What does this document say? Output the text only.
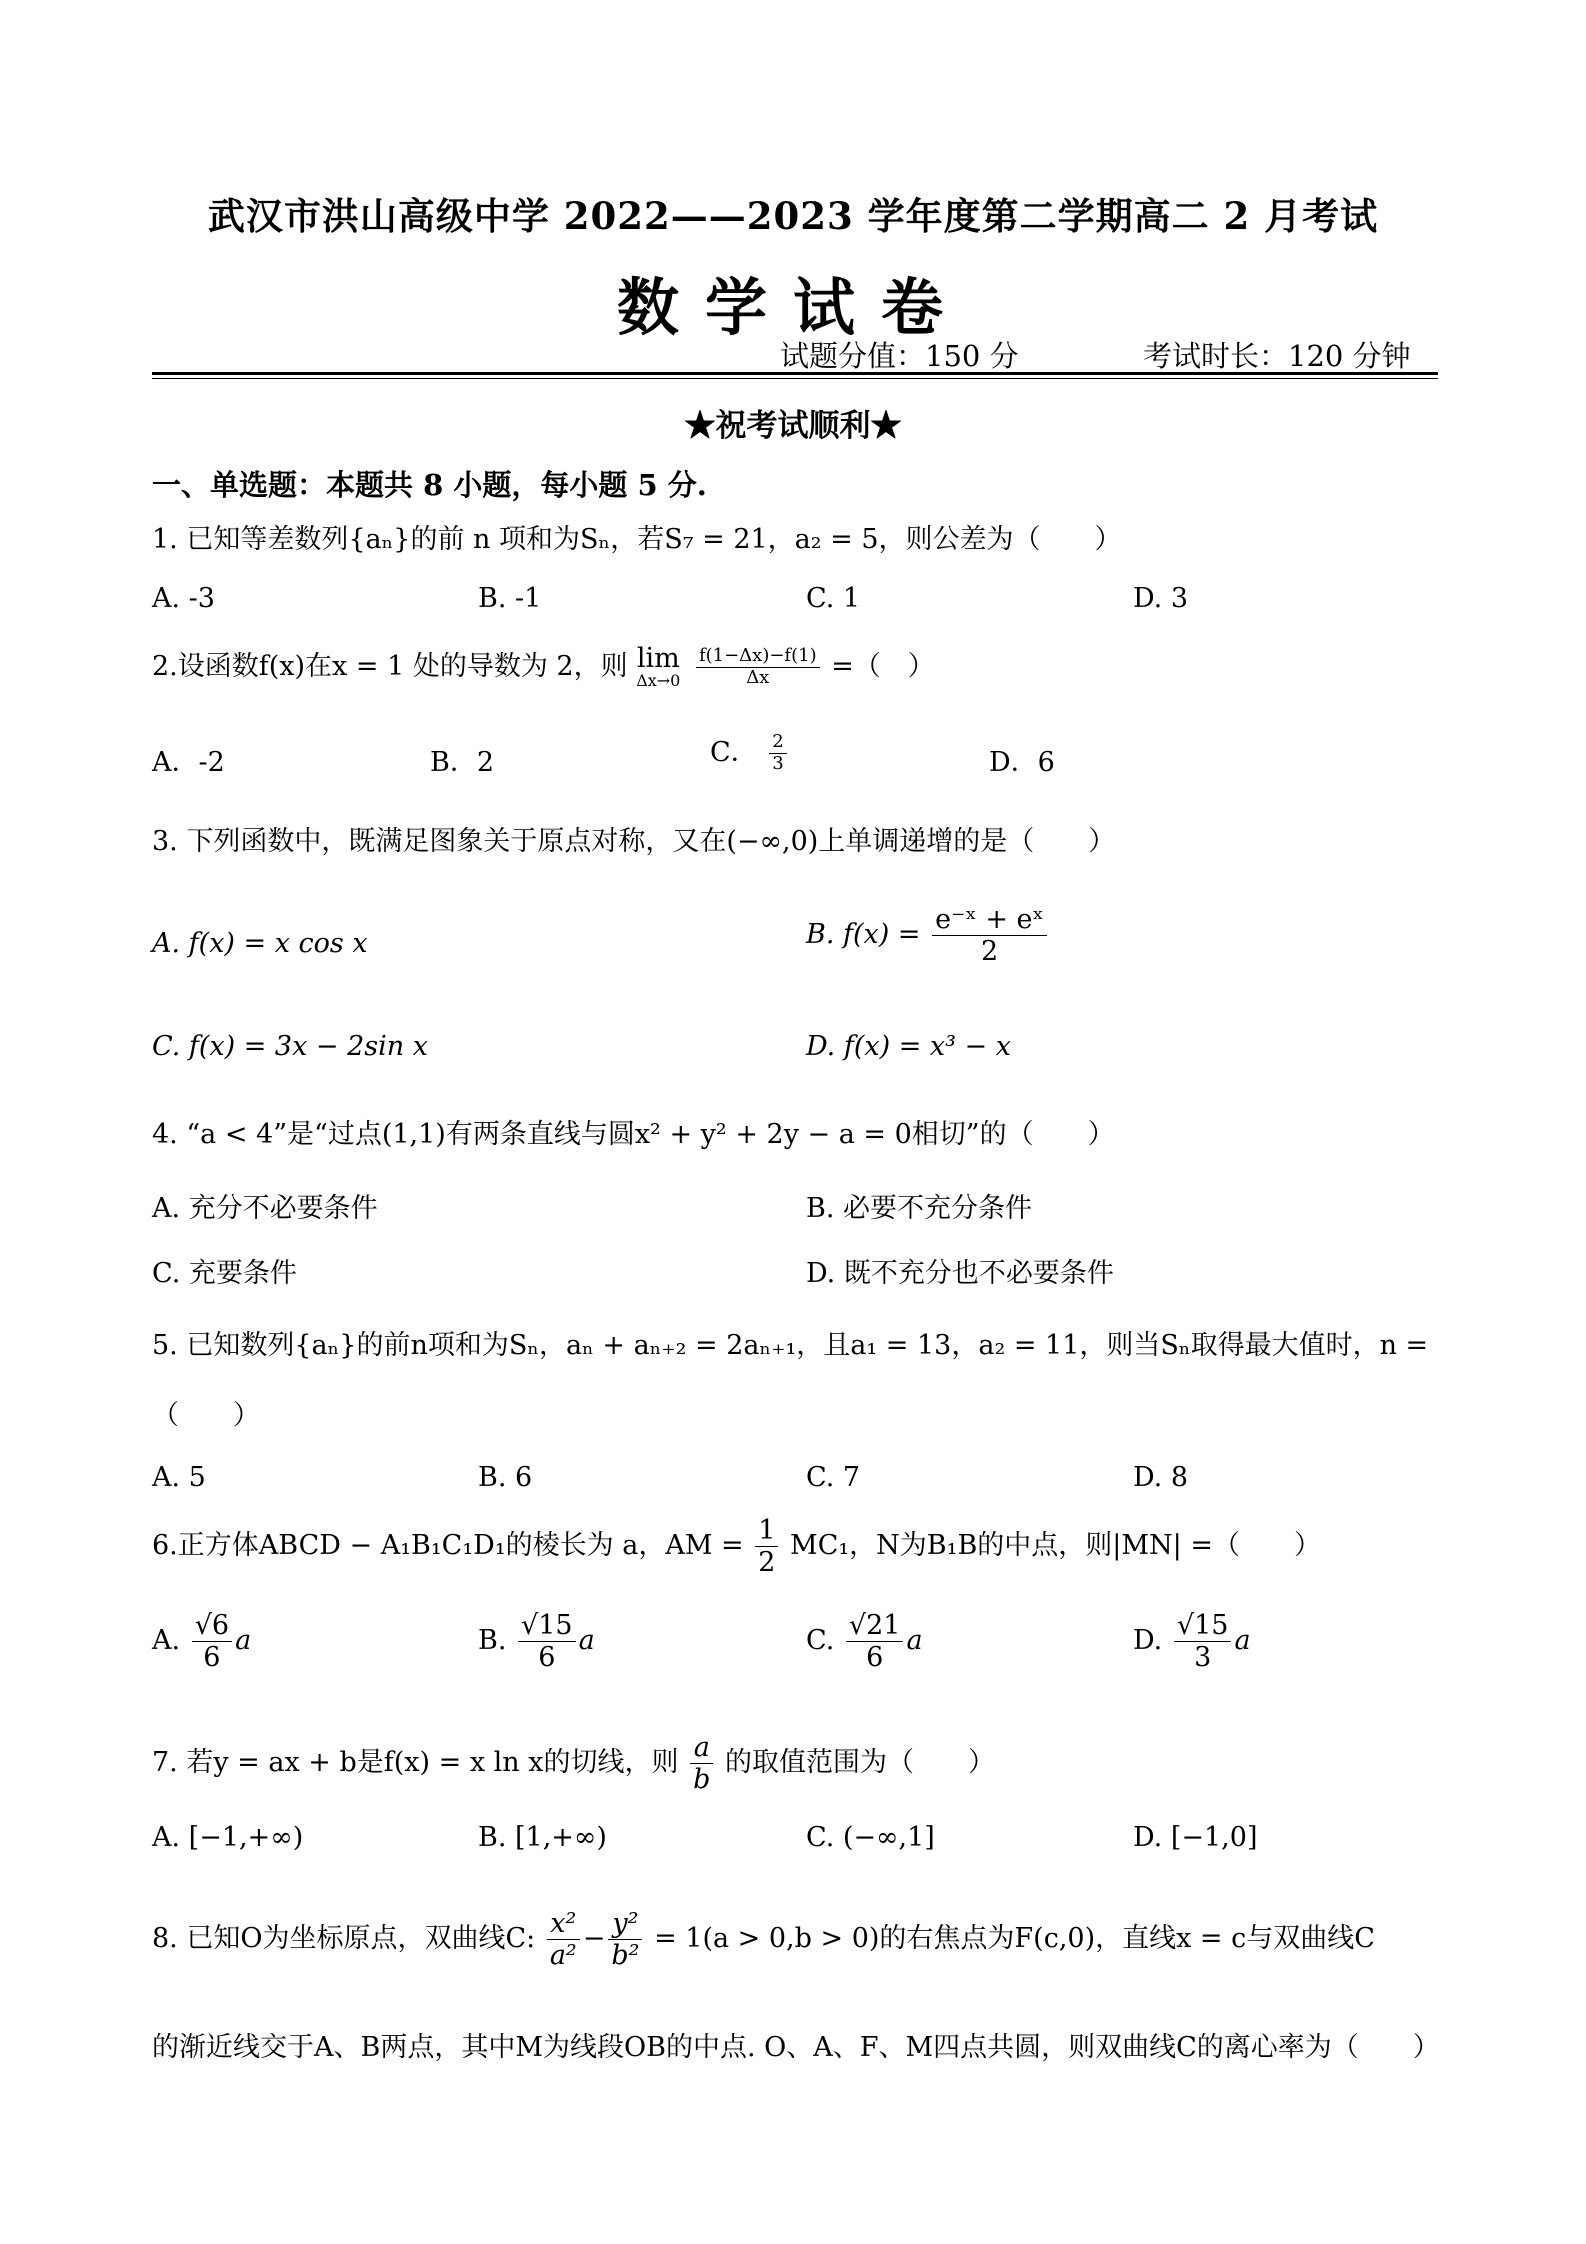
武汉市洪山高级中学 2022——2023 学年度第二学期高二 2 月考试
数学试卷
试题分值：150 分	考试时长：120 分钟
★祝考试顺利★
一、单选题：本题共 8 小题，每小题 5 分.
1. 已知等差数列{aₙ}的前 n 项和为Sₙ，若S₇ = 21，a₂ = 5，则公差为（　　）
A. -3	B. -1	C. 1	D. 3
2.设函数f(x)在x = 1 处的导数为 2，则 lim
Δx→0
$\frac{f(1-\Delta x)-f(1)}{\Delta x}$ =（　）
A．-2	B．2	C． $\frac{2}{3}$	D．6
3. 下列函数中，既满足图象关于原点对称，又在(−∞,0)上单调递增的是（　　）
A. f(x) = x cos x	B. $f(x) = \frac{\text{e⁻ˣ + eˣ}}{2}$
C. f(x) = 3x − 2sin x	D. f(x) = x³ − x
4. “a < 4”是“过点(1,1)有两条直线与圆x² + y² + 2y − a = 0相切”的（　　）
A. 充分不必要条件	B. 必要不充分条件
C. 充要条件	D. 既不充分也不必要条件
5. 已知数列{aₙ}的前n项和为Sₙ，aₙ + aₙ₊₂ = 2aₙ₊₁，且a₁ = 13，a₂ = 11，则当Sₙ取得最大值时，n =
（　　）
A. 5	B. 6	C. 7	D. 8
6.正方体ABCD − A₁B₁C₁D₁的棱长为 a，AM = $\frac{1}{2} MC_1$，N为B₁B的中点，则|MN| =（　　）
A. $\frac{√6}{6}$ a	B. $\frac{√15}{6}$ a	C. $\frac{√21}{6}$ a	D. $\frac{√15}{3}$ a
7. 若y = ax + b是f(x) = x ln x的切线，则 $\frac{a}{b}$ 的取值范围为（　　）
A. [−1,+∞)	B. [1,+∞)	C. (−∞,1]	D. [−1,0]
8. 已知O为坐标原点，双曲线C: $\frac{\text{x²}}{\text{a²}} - \frac{\text{y²}}{\text{b²}} = 1(a > 0,b > 0)$的右焦点为F(c,0)，直线x = c与双曲线C
的渐近线交于A、B两点，其中M为线段OB的中点. O、A、F、M四点共圆，则双曲线C的离心率为（　　）
